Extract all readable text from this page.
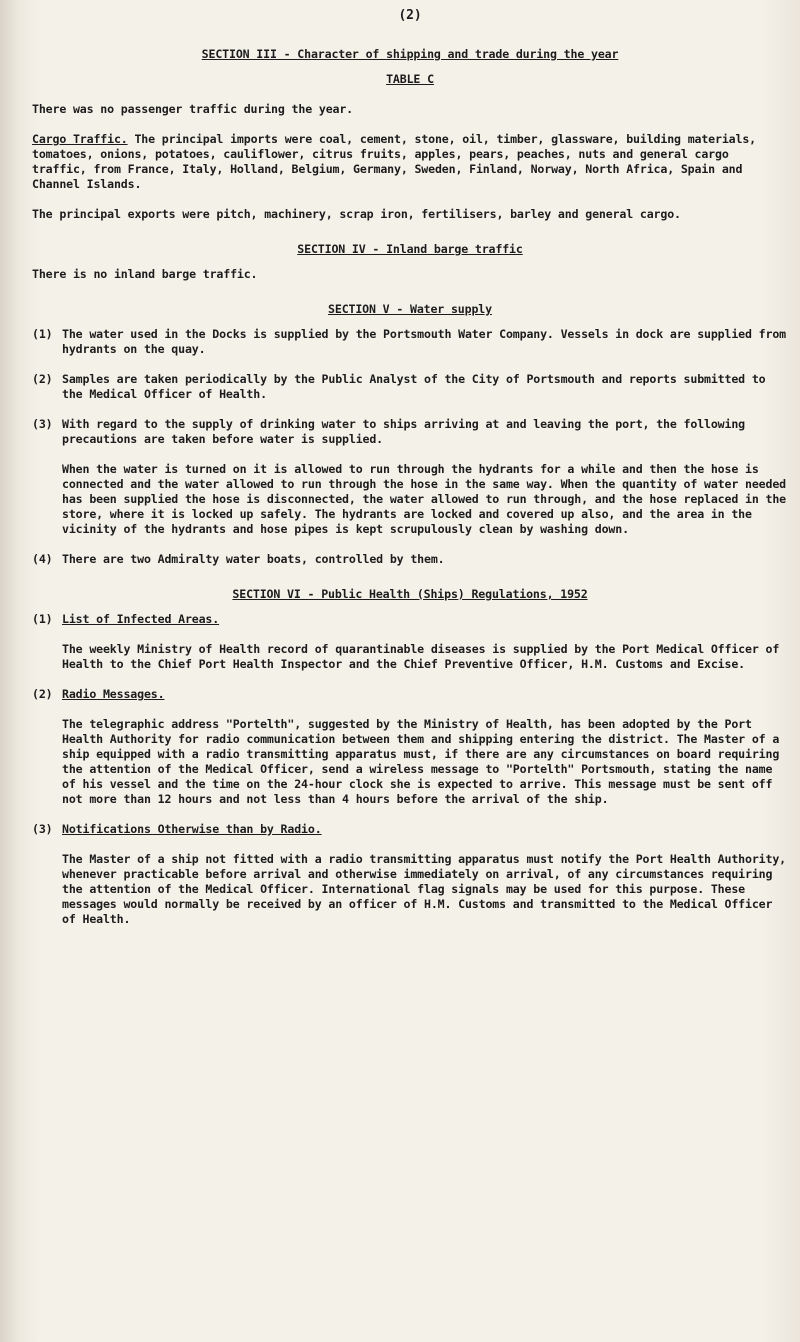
(2)

SECTION III - Character of shipping and trade during the year

TABLE C

There was no passenger traffic during the year.

Cargo Traffic. The principal imports were coal, cement, stone, oil, timber, glassware, building materials, tomatoes, onions, potatoes, cauliflower, citrus fruits, apples, pears, peaches, nuts and general cargo traffic, from France, Italy, Holland, Belgium, Germany, Sweden, Finland, Norway, North Africa, Spain and Channel Islands.

The principal exports were pitch, machinery, scrap iron, fertilisers, barley and general cargo.

SECTION IV - Inland barge traffic

There is no inland barge traffic.

SECTION V - Water supply

(1) The water used in the Docks is supplied by the Portsmouth Water Company. Vessels in dock are supplied from hydrants on the quay.
(2) Samples are taken periodically by the Public Analyst of the City of Portsmouth and reports submitted to the Medical Officer of Health.
(3) With regard to the supply of drinking water to ships arriving at and leaving the port, the following precautions are taken before water is supplied.

When the water is turned on it is allowed to run through the hydrants for a while and then the hose is connected and the water allowed to run through the hose in the same way. When the quantity of water needed has been supplied the hose is disconnected, the water allowed to run through, and the hose replaced in the store, where it is locked up safely. The hydrants are locked and covered up also, and the area in the vicinity of the hydrants and hose pipes is kept scrupulously clean by washing down.

(4) There are two Admiralty water boats, controlled by them.

SECTION VI - Public Health (Ships) Regulations, 1952

(1) List of Infected Areas.

The weekly Ministry of Health record of quarantinable diseases is supplied by the Port Medical Officer of Health to the Chief Port Health Inspector and the Chief Preventive Officer, H.M. Customs and Excise.

(2) Radio Messages.

The telegraphic address "Portelth", suggested by the Ministry of Health, has been adopted by the Port Health Authority for radio communication between them and shipping entering the district. The Master of a ship equipped with a radio transmitting apparatus must, if there are any circumstances on board requiring the attention of the Medical Officer, send a wireless message to "Portelth" Portsmouth, stating the name of his vessel and the time on the 24-hour clock she is expected to arrive. This message must be sent off not more than 12 hours and not less than 4 hours before the arrival of the ship.

(3) Notifications Otherwise than by Radio.

The Master of a ship not fitted with a radio transmitting apparatus must notify the Port Health Authority, whenever practicable before arrival and otherwise immediately on arrival, of any circumstances requiring the attention of the Medical Officer. International flag signals may be used for this purpose. These messages would normally be received by an officer of H.M. Customs and transmitted to the Medical Officer of Health.
